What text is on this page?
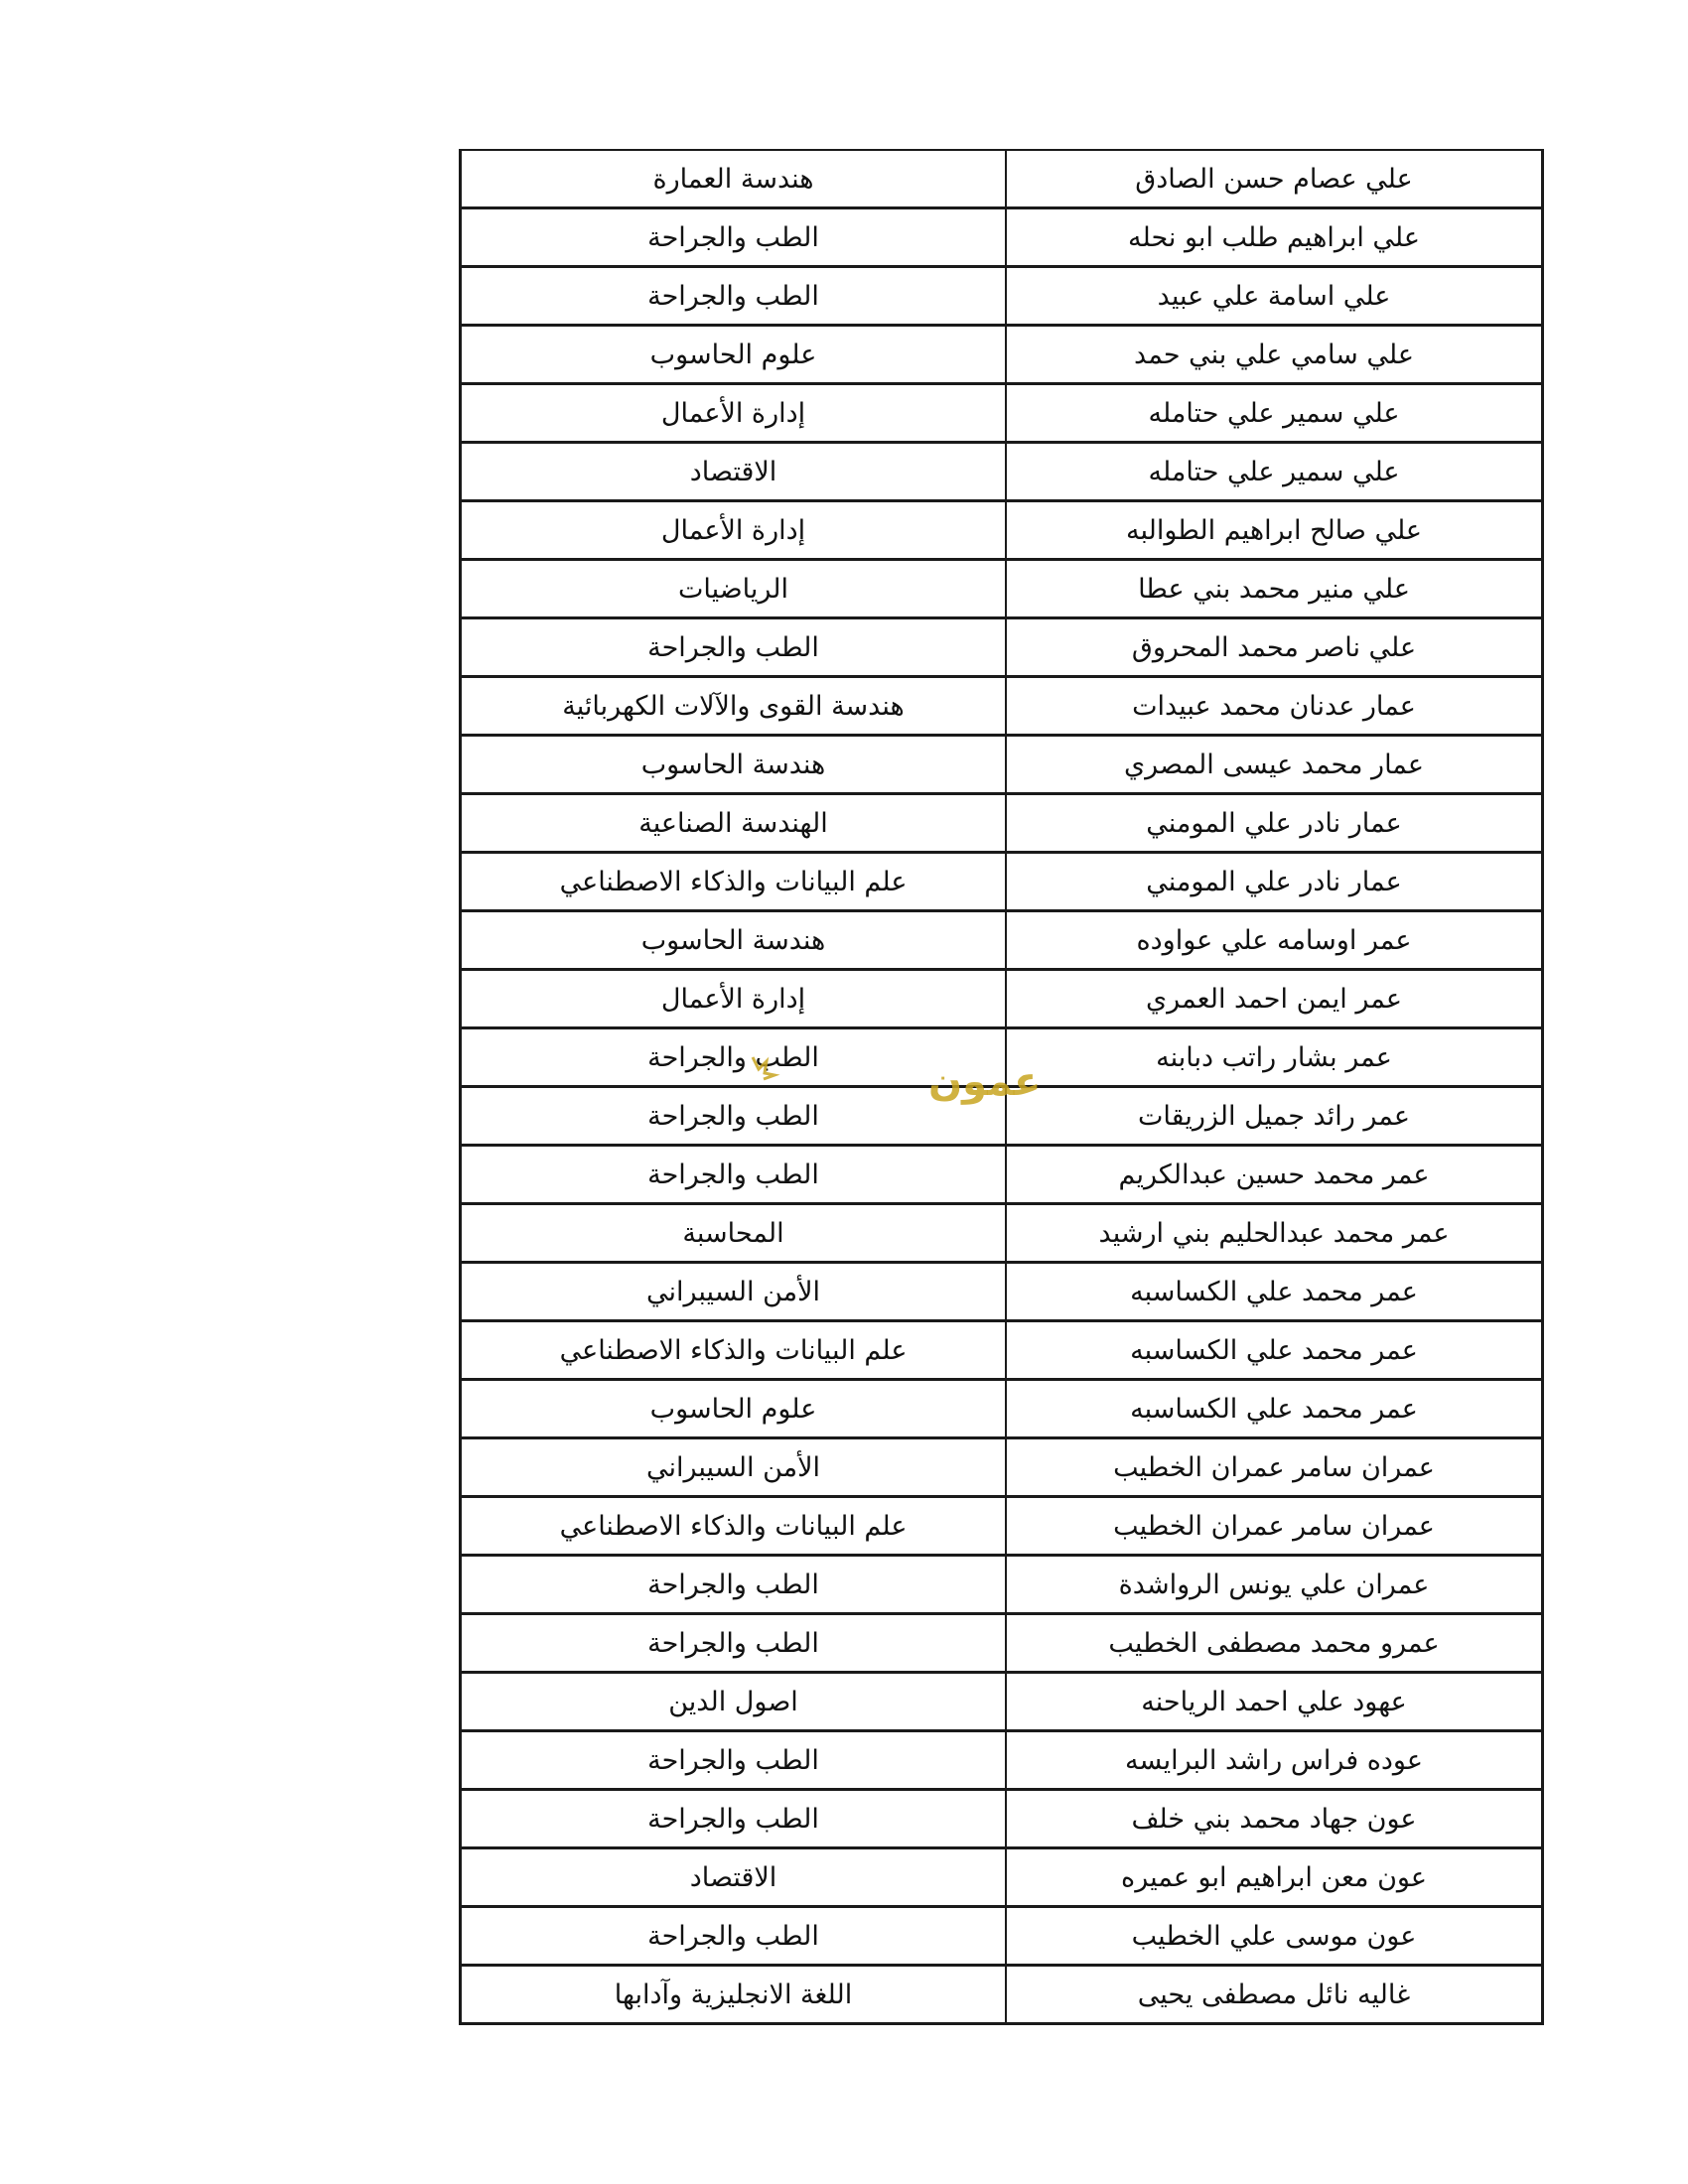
هندسة العمارة	علي عصام حسن الصادق
الطب والجراحة	علي ابراهيم طلب ابو نحله
الطب والجراحة	علي اسامة علي عبيد
علوم الحاسوب	علي سامي علي بني حمد
إدارة الأعمال	علي سمير علي حتامله
الاقتصاد	علي سمير علي حتامله
إدارة الأعمال	علي صالح ابراهيم الطوالبه
الرياضيات	علي منير محمد بني عطا
الطب والجراحة	علي ناصر محمد المحروق
هندسة القوى والآلات الكهربائية	عمار عدنان محمد عبيدات
هندسة الحاسوب	عمار محمد عيسى المصري
الهندسة الصناعية	عمار نادر علي المومني
علم البيانات والذكاء الاصطناعي	عمار نادر علي المومني
هندسة الحاسوب	عمر اوسامه علي عواوده
إدارة الأعمال	عمر ايمن احمد العمري
الطب والجراحة	عمر بشار راتب دبابنه
الطب والجراحة	عمر رائد جميل الزريقات
الطب والجراحة	عمر محمد حسين عبدالكريم
المحاسبة	عمر محمد عبدالحليم بني ارشيد
الأمن السيبراني	عمر محمد علي الكساسبه
علم البيانات والذكاء الاصطناعي	عمر محمد علي الكساسبه
علوم الحاسوب	عمر محمد علي الكساسبه
الأمن السيبراني	عمران سامر عمران الخطيب
علم البيانات والذكاء الاصطناعي	عمران سامر عمران الخطيب
الطب والجراحة	عمران علي يونس الرواشدة
الطب والجراحة	عمرو محمد مصطفى الخطيب
اصول الدين	عهود علي احمد الرياحنه
الطب والجراحة	عوده فراس راشد البرايسه
الطب والجراحة	عون جهاد محمد بني خلف
الاقتصاد	عون معن ابراهيم ابو عميره
الطب والجراحة	عون موسى علي الخطيب
اللغة الانجليزية وآدابها	غاليه نائل مصطفى يحيى
عمون
